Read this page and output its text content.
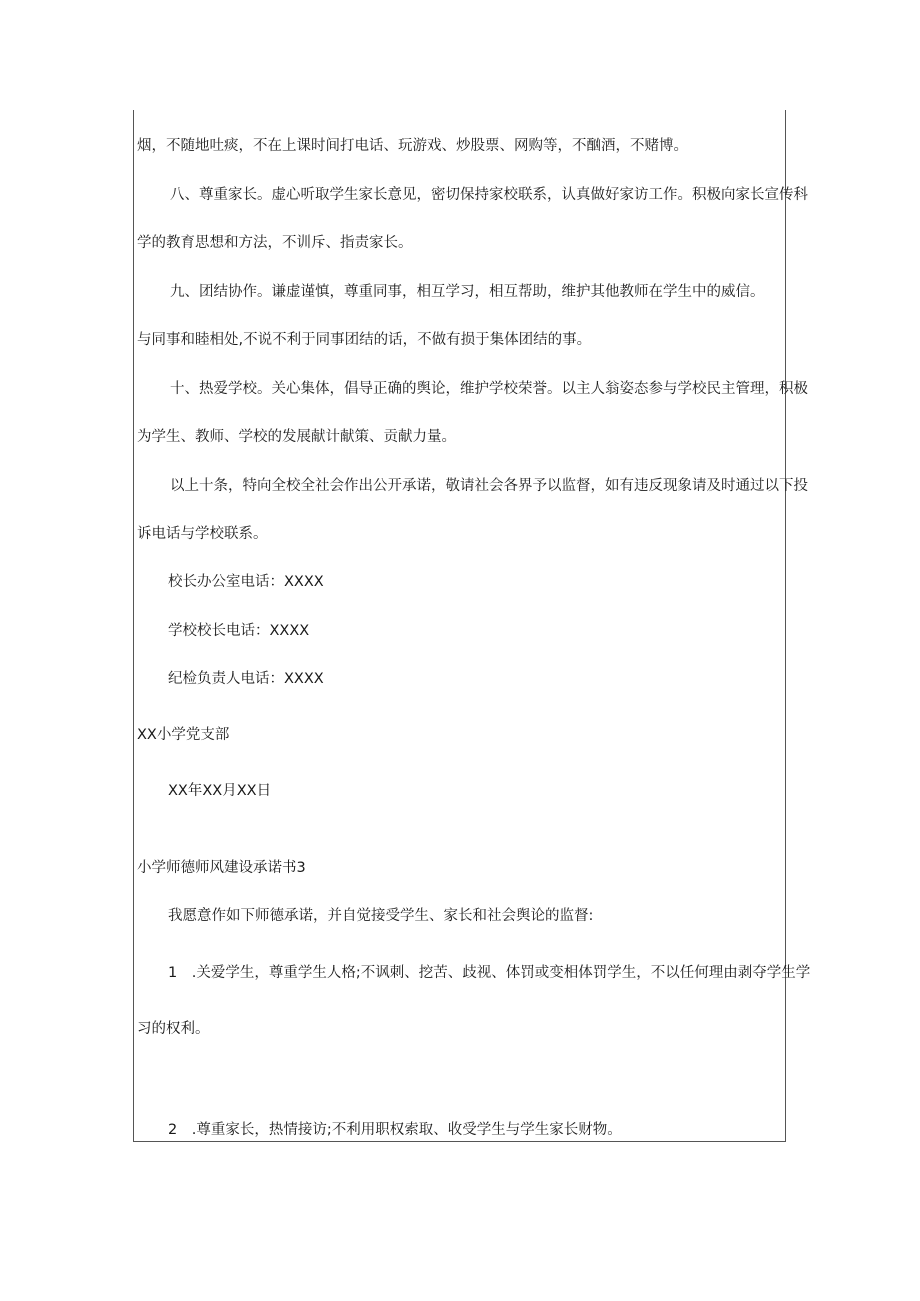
烟，不随地吐痰，不在上课时间打电话、玩游戏、炒股票、网购等，不酗酒，不赌博。

八、尊重家长。虚心听取学生家长意见，密切保持家校联系，认真做好家访工作。积极向家长宣传科

学的教育思想和方法，不训斥、指责家长。

九、团结协作。谦虚谨慎，尊重同事，相互学习，相互帮助，维护其他教师在学生中的威信。

与同事和睦相处,不说不利于同事团结的话，不做有损于集体团结的事。

十、热爱学校。关心集体，倡导正确的舆论，维护学校荣誉。以主人翁姿态参与学校民主管理，积极

为学生、教师、学校的发展献计献策、贡献力量。

以上十条，特向全校全社会作出公开承诺，敬请社会各界予以监督，如有违反现象请及时通过以下投

诉电话与学校联系。

校长办公室电话：XXXX

学校校长电话：XXXX

纪检负责人电话：XXXX

XX小学党支部

XX年XX月XX日

小学师德师风建设承诺书3

我愿意作如下师德承诺，并自觉接受学生、家长和社会舆论的监督:

1　.关爱学生，尊重学生人格;不讽刺、挖苦、歧视、体罚或变相体罚学生，不以任何理由剥夺学生学

习的权利。

2　.尊重家长，热情接访;不利用职权索取、收受学生与学生家长财物。
